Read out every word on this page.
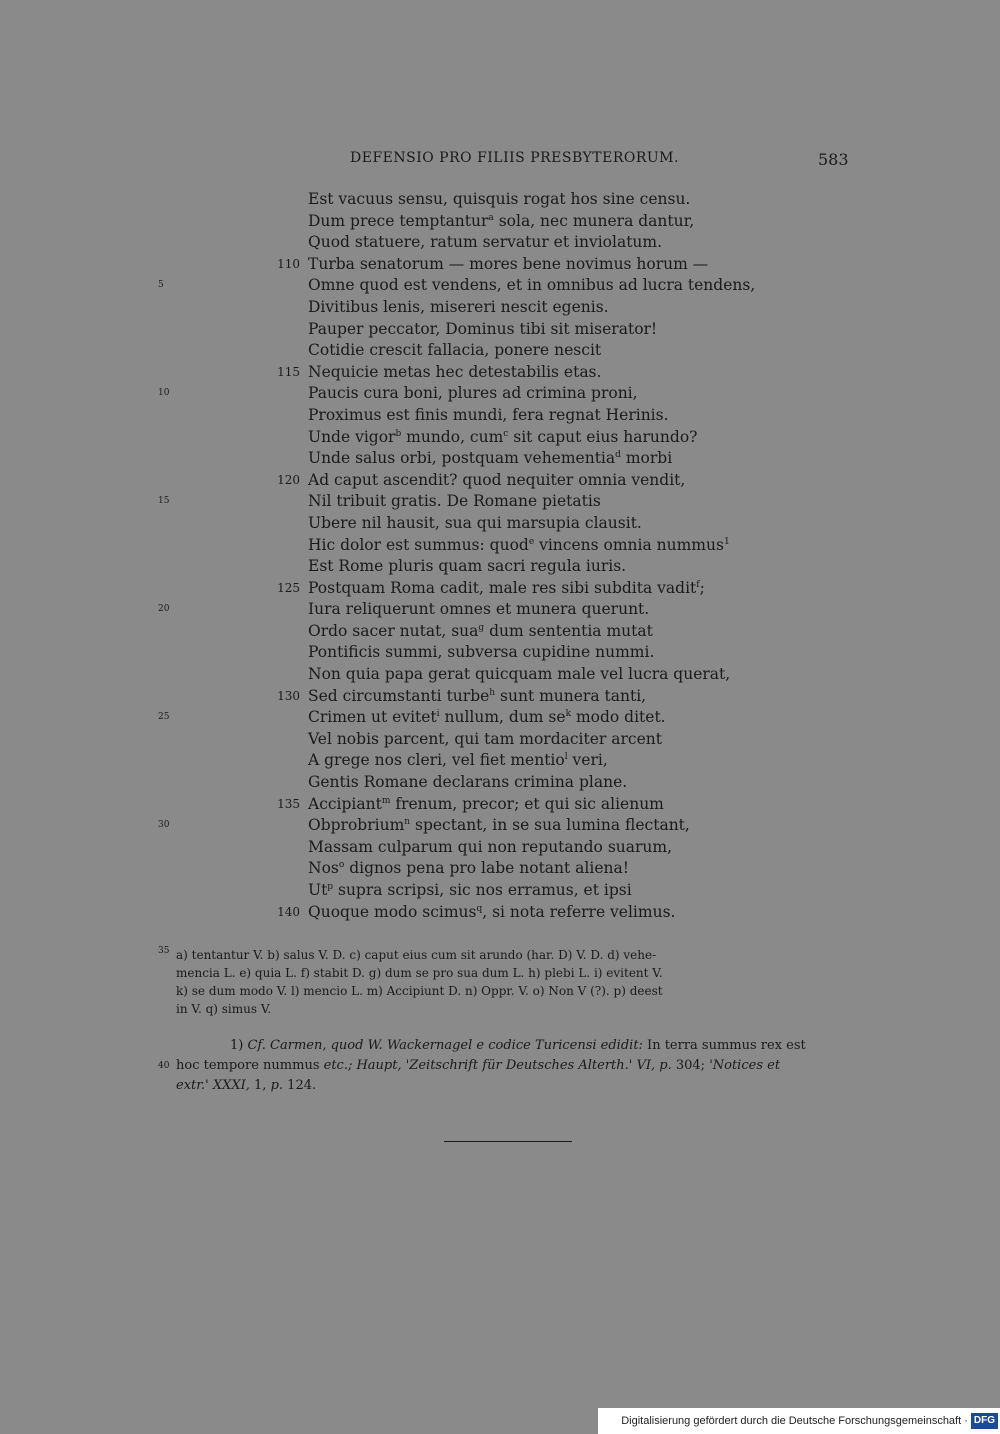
DEFENSIO PRO FILIIS PRESBYTERORUM.	583
Est vacuus sensu, quisquis rogat hos sine censu.
Dum prece temptantur$^a$ sola, nec munera dantur,
Quod statuere, ratum servatur et inviolatum.
110 Turba senatorum — mores bene novimus horum —
5	Omne quod est vendens, et in omnibus ad lucra tendens,
Divitibus lenis, misereri nescit egenis.
Pauper peccator, Dominus tibi sit miserator!
Cotidie crescit fallacia, ponere nescit
115 Nequicie metas hec detestabilis etas.
10	Paucis cura boni, plures ad crimina proni,
Proximus est finis mundi, fera regnat Herinis.
Unde vigor$^b$ mundo, cum$^c$ sit caput eius harundo?
Unde salus orbi, postquam vehementia$^d$ morbi
120 Ad caput ascendit? quod nequiter omnia vendit,
15	Nil tribuit gratis. De Romane pietatis
Ubere nil hausit, sua qui marsupia clausit.
Hic dolor est summus: quod$^e$ vincens omnia nummus$^1$
Est Rome pluris quam sacri regula iuris.
125 Postquam Roma cadit, male res sibi subdita vadit$^f$;
20	Iura reliquerunt omnes et munera querunt.
Ordo sacer nutat, sua$^g$ dum sententia mutat
Pontificis summi, subversa cupidine nummi.
Non quia papa gerat quicquam male vel lucra querat,
130 Sed circumstanti turbe$^h$ sunt munera tanti,
25	Crimen ut evitet$^i$ nullum, dum $se^k$ modo ditet.
Vel nobis parcent, qui tam mordaciter arcent
A grege nos cleri, vel fiet mentio$^l$ veri,
Gentis Romane declarans crimina plane.
135 Accipiant$^m$ frenum, precor; et qui sic alienum
30	Obprobrium$^n$ spectant, in se sua lumina flectant,
Massam culparum qui non reputando suarum,
Nos$^o$ dignos pena pro labe notant aliena!
Ut$^p$ supra scripsi, sic nos erramus, et ipsi
140 Quoque modo scimus$^q$, si nota referre velimus.
35 a) tentantur V. b) salus V. D. c) caput eius cum sit arundo (har. D) V. D. d) vehe-
mencia L. e) quia L. f) stabit D. g) dum se pro sua dum L. h) plebi L. i) evitent V.
k) se dum modo V. l) mencio L. m) Accipiunt D. n) Oppr. V. o) Non V (?). p) deest
in V. q) simus V.
40
1) Cf. Carmen, quod W. Wackernagel e codice Turicensi edidit: In terra summus rex est
hoc tempore nummus etc.; Haupt, 'Zeitschrift für Deutsches Alterth.' VI, p. 304; 'Notices et
extr.' XXXI, 1, p. 124.
Digitalisierung gefördert durch die Deutsche Forschungsgemeinschaft · DFG
